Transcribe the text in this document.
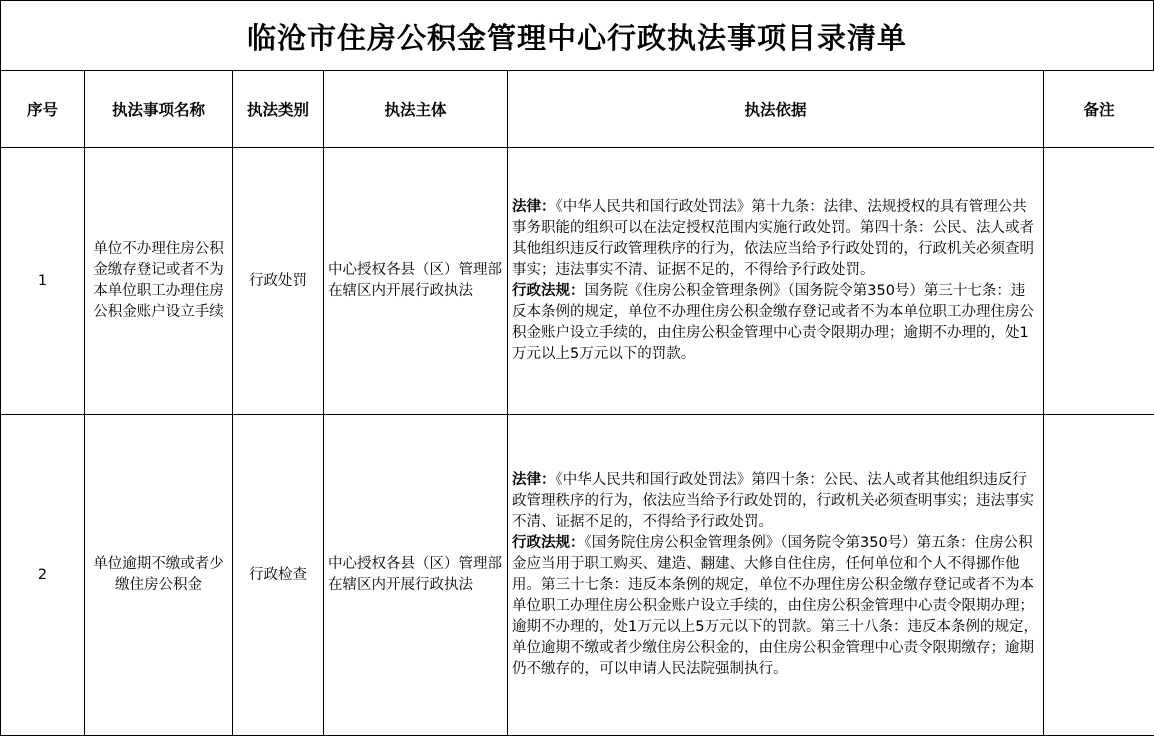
临沧市住房公积金管理中心行政执法事项目录清单
序号	执法事项名称	执法类别	执法主体	执法依据	备注
1	单位不办理住房公积金缴存登记或者不为本单位职工办理住房公积金账户设立手续	行政处罚	中心授权各县（区）管理部在辖区内开展行政执法	法律：《中华人民共和国行政处罚法》第十九条：法律、法规授权的具有管理公共事务职能的组织可以在法定授权范围内实施行政处罚。第四十条：公民、法人或者其他组织违反行政管理秩序的行为，依法应当给予行政处罚的，行政机关必须查明事实；违法事实不清、证据不足的，不得给予行政处罚。
行政法规：国务院《住房公积金管理条例》（国务院令第350号）第三十七条：违反本条例的规定，单位不办理住房公积金缴存登记或者不为本单位职工办理住房公积金账户设立手续的，由住房公积金管理中心责令限期办理；逾期不办理的，处1万元以上5万元以下的罚款。	

2	单位逾期不缴或者少缴住房公积金	行政检查	中心授权各县（区）管理部在辖区内开展行政执法	法律：《中华人民共和国行政处罚法》第四十条：公民、法人或者其他组织违反行政管理秩序的行为，依法应当给予行政处罚的，行政机关必须查明事实；违法事实不清、证据不足的，不得给予行政处罚。
行政法规：《国务院住房公积金管理条例》（国务院令第350号）第五条：住房公积金应当用于职工购买、建造、翻建、大修自住住房，任何单位和个人不得挪作他用。第三十七条：违反本条例的规定，单位不办理住房公积金缴存登记或者不为本单位职工办理住房公积金账户设立手续的，由住房公积金管理中心责令限期办理；逾期不办理的，处1万元以上5万元以下的罚款。第三十八条：违反本条例的规定，单位逾期不缴或者少缴住房公积金的，由住房公积金管理中心责令限期缴存；逾期仍不缴存的，可以申请人民法院强制执行。	
